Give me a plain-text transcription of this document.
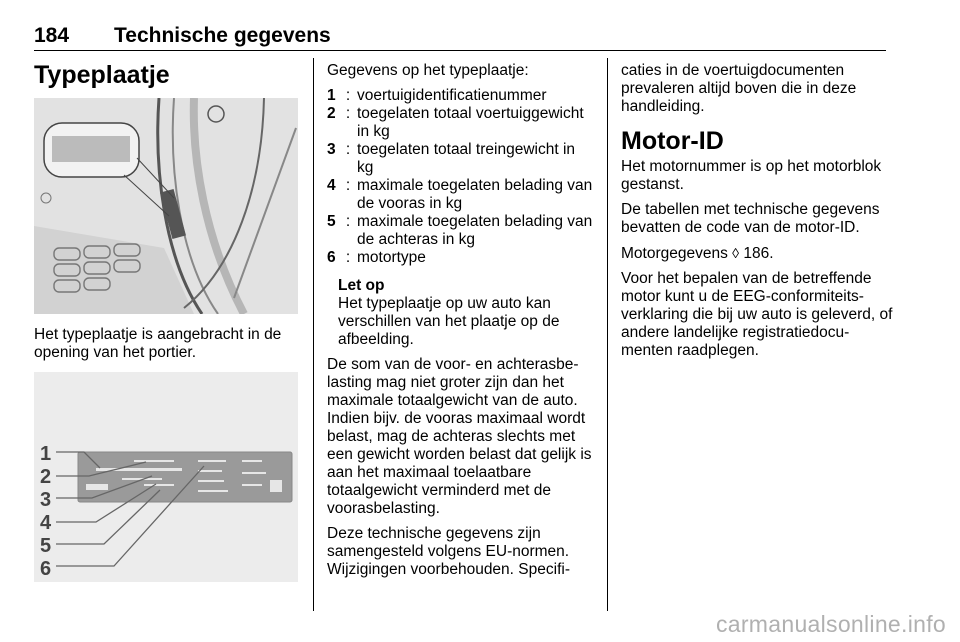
184 Technische gegevens
Typeplaatje

Het typeplaatje is aangebracht in de opening van het portier.

1
2
3
4
5
6

Gegevens op het typeplaatje:

1 : voertuigidentificatienummer
2 : toegelaten totaal voertuiggewicht in kg
3 : toegelaten totaal treingewicht in kg
4 : maximale toegelaten belading van de vooras in kg
5 : maximale toegelaten belading van de achteras in kg
6 : motortype

Let op

Het typeplaatje op uw auto kan verschillen van het plaatje op de afbeelding.

De som van de voor- en achterasbe- lasting mag niet groter zijn dan het maximale totaalgewicht van de auto. Indien bijv. de vooras maximaal wordt belast, mag de achteras slechts met een gewicht worden belast dat gelijk is aan het maximaal toelaatbare totaalgewicht verminderd met de voorasbelasting.

Deze technische gegevens zijn samengesteld volgens EU-normen. Wijzigingen voorbehouden. Specifi-

caties in de voertuigdocumenten prevaleren altijd boven die in deze handleiding.

Motor-ID

Het motornummer is op het motorblok gestanst.

De tabellen met technische gegevens bevatten de code van de motor-ID.

Motorgegevens ◊ 186.

Voor het bepalen van de betreffende motor kunt u de EEG-conformiteits- verklaring die bij uw auto is geleverd, of andere landelijke registratiedocu- menten raadplegen.

carmanualsonline.info
